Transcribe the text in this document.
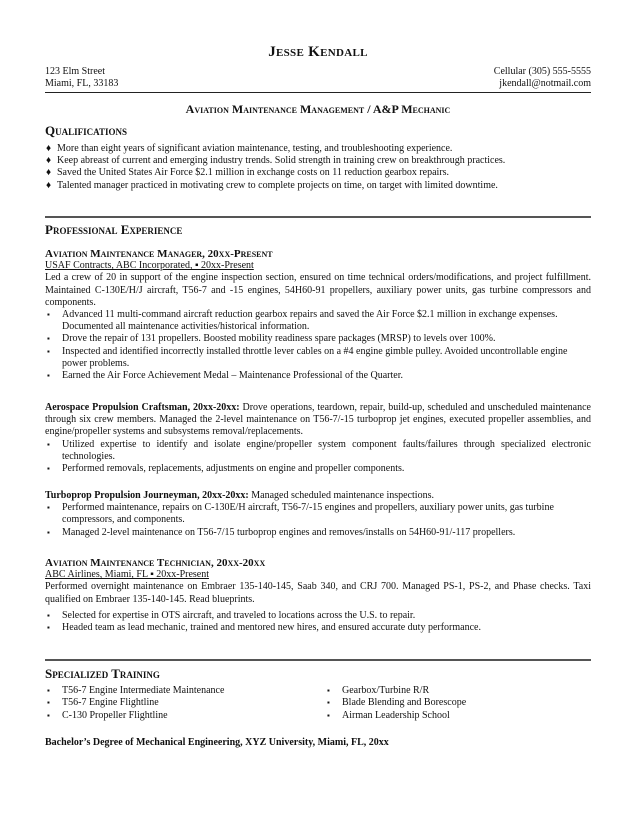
Jesse Kendall
123 Elm Street
Miami, FL, 33183
Cellular (305) 555-5555
jkendall@notmail.com
Aviation Maintenance Management / A&P Mechanic
Qualifications
♦ More than eight years of significant aviation maintenance, testing, and troubleshooting experience.
♦ Keep abreast of current and emerging industry trends. Solid strength in training crew on breakthrough practices.
♦ Saved the United States Air Force $2.1 million in exchange costs on 11 reduction gearbox repairs.
♦ Talented manager practiced in motivating crew to complete projects on time, on target with limited downtime.
Professional Experience
Aviation Maintenance Manager, 20xx-Present
USAF Contracts, ABC Incorporated, ▪ 20xx-Present
Led a crew of 20 in support of the engine inspection section, ensured on time technical orders/modifications, and project fulfillment. Maintained C-130E/H/J aircraft, T56-7 and -15 engines, 54H60-91 propellers, auxiliary power units, gas turbine compressors and components.
▪ Advanced 11 multi-command aircraft reduction gearbox repairs and saved the Air Force $2.1 million in exchange expenses. Documented all maintenance activities/historical information.
▪ Drove the repair of 131 propellers. Boosted mobility readiness spare packages (MRSP) to levels over 100%.
▪ Inspected and identified incorrectly installed throttle lever cables on a #4 engine gimble pulley. Avoided uncontrollable engine power problems.
▪ Earned the Air Force Achievement Medal – Maintenance Professional of the Quarter.
Aerospace Propulsion Craftsman, 20xx-20xx: Drove operations, teardown, repair, build-up, scheduled and unscheduled maintenance through six crew members. Managed the 2-level maintenance on T56-7/-15 turboprop jet engines, executed propeller assemblies, and engine/propeller systems and subsystems removal/replacements.
▪ Utilized expertise to identify and isolate engine/propeller system component faults/failures through specialized electronic technologies.
▪ Performed removals, replacements, adjustments on engine and propeller components.
Turboprop Propulsion Journeyman, 20xx-20xx: Managed scheduled maintenance inspections.
▪ Performed maintenance, repairs on C-130E/H aircraft, T56-7/-15 engines and propellers, auxiliary power units, gas turbine compressors, and components.
▪ Managed 2-level maintenance on T56-7/15 turboprop engines and removes/installs on 54H60-91/-117 propellers.
Aviation Maintenance Technician, 20xx-20xx
ABC Airlines, Miami, FL ▪ 20xx-Present
Performed overnight maintenance on Embraer 135-140-145, Saab 340, and CRJ 700. Managed PS-1, PS-2, and Phase checks. Taxi qualified on Embraer 135-140-145. Read blueprints.
▪ Selected for expertise in OTS aircraft, and traveled to locations across the U.S. to repair.
▪ Headed team as lead mechanic, trained and mentored new hires, and ensured accurate duty performance.
Specialized Training
▪ T56-7 Engine Intermediate Maintenance
▪ T56-7 Engine Flightline
▪ C-130 Propeller Flightline
▪ Gearbox/Turbine R/R
▪ Blade Blending and Borescope
▪ Airman Leadership School
Bachelor’s Degree of Mechanical Engineering, XYZ University, Miami, FL, 20xx
